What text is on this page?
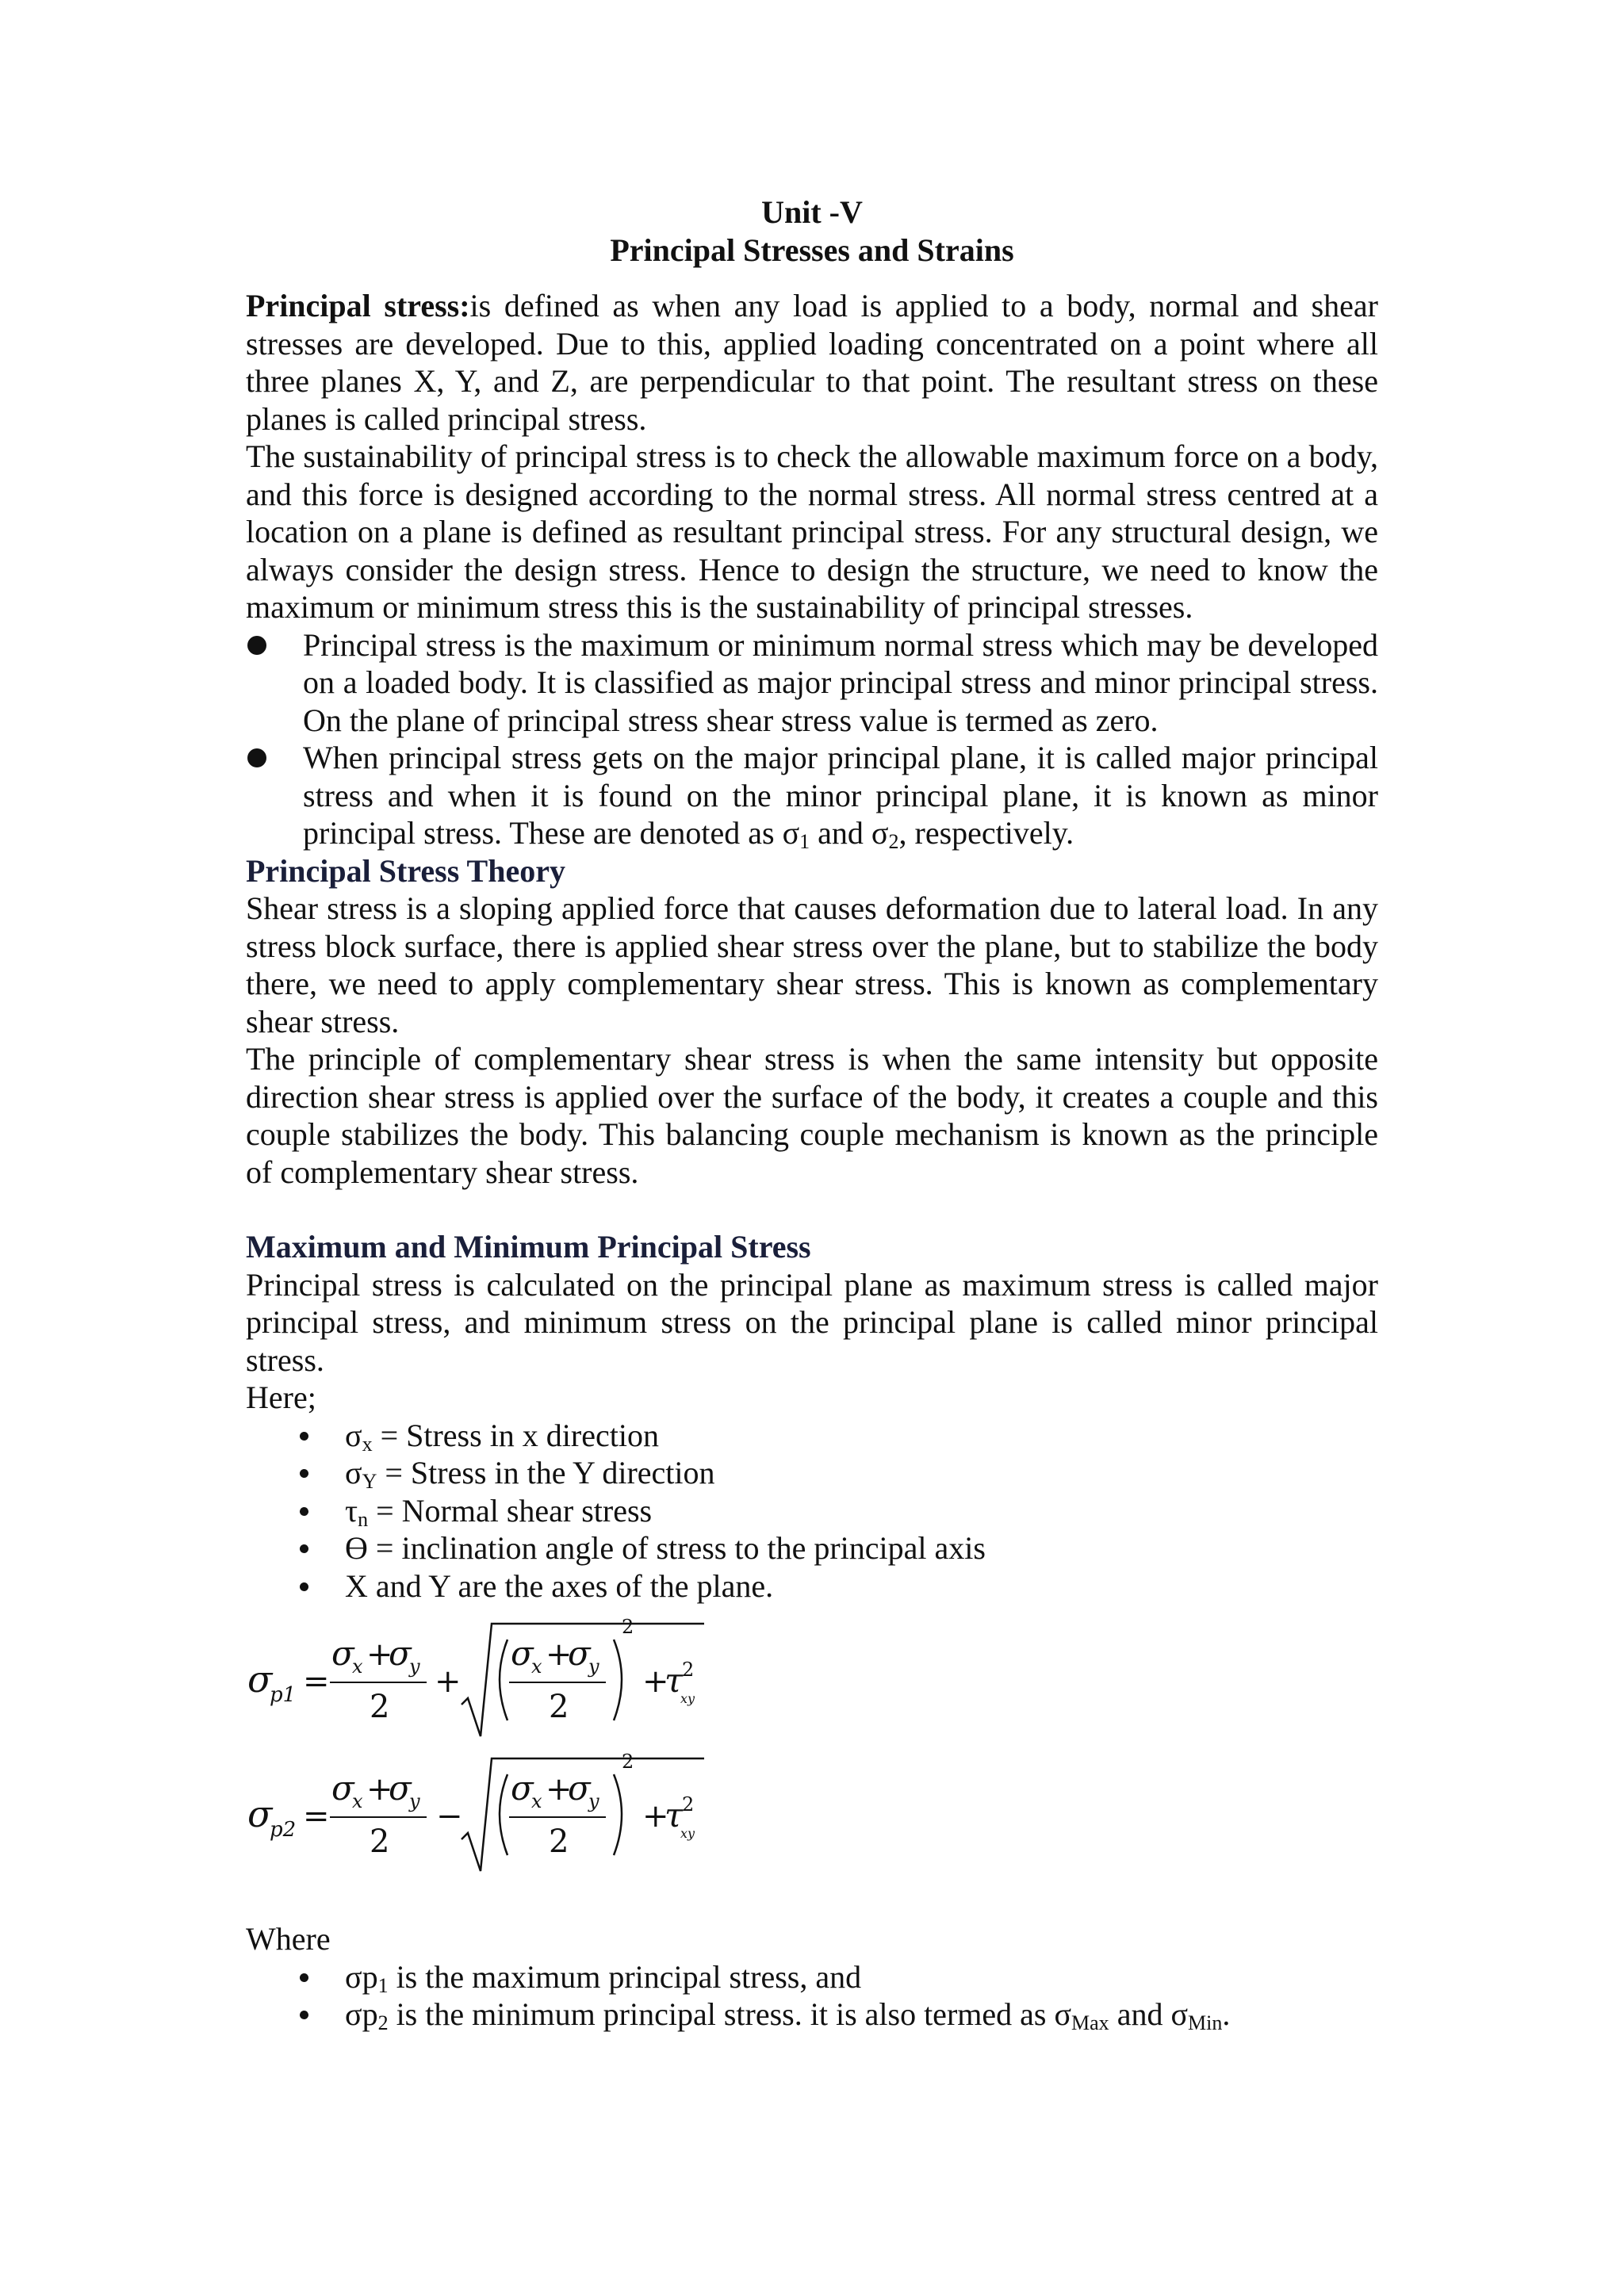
Unit -V
Principal Stresses and Strains

Principal stress:is defined as when any load is applied to a body, normal and shear stresses are developed. Due to this, applied loading concentrated on a point where all three planes X, Y, and Z, are perpendicular to that point. The resultant stress on these planes is called principal stress.

The sustainability of principal stress is to check the allowable maximum force on a body, and this force is designed according to the normal stress. All normal stress centred at a location on a plane is defined as resultant principal stress. For any structural design, we always consider the design stress. Hence to design the structure, we need to know the maximum or minimum stress this is the sustainability of principal stresses.

Principal stress is the maximum or minimum normal stress which may be developed on a loaded body. It is classified as major principal stress and minor principal stress. On the plane of principal stress shear stress value is termed as zero.
When principal stress gets on the major principal plane, it is called major principal stress and when it is found on the minor principal plane, it is known as minor principal stress. These are denoted as $\sigma_1$ and $\sigma_2$, respectively.

Principal Stress Theory

Shear stress is a sloping applied force that causes deformation due to lateral load. In any stress block surface, there is applied shear stress over the plane, but to stabilize the body there, we need to apply complementary shear stress. This is known as complementary shear stress.

The principle of complementary shear stress is when the same intensity but opposite direction shear stress is applied over the surface of the body, it creates a couple and this couple stabilizes the body. This balancing couple mechanism is known as the principle of complementary shear stress.

Maximum and Minimum Principal Stress

Principal stress is calculated on the principal plane as maximum stress is called major principal stress, and minimum stress on the principal plane is called minor principal stress.

Here;

$\sigma_x$ = Stress in x direction
$\sigma_Y$ = Stress in the Y direction
$\tau_n$ = Normal shear stress
ϴ = inclination angle of stress to the principal axis
X and Y are the axes of the plane.
σ
p1 =
σ
x +
σ
y
2
+
σ
x +
σ
y
2
2
+
τ
2
xy
σ
p2 =
σ
x +
σ
y
2
−
σ
x +
σ
y
2
2
+
τ
2
xy

Where

$\sigma p_1$ is the maximum principal stress, and
$\sigma p_2$ is the minimum principal stress. it is also termed as $\sigma_{Max}$ and $\sigma_{Min}$.
